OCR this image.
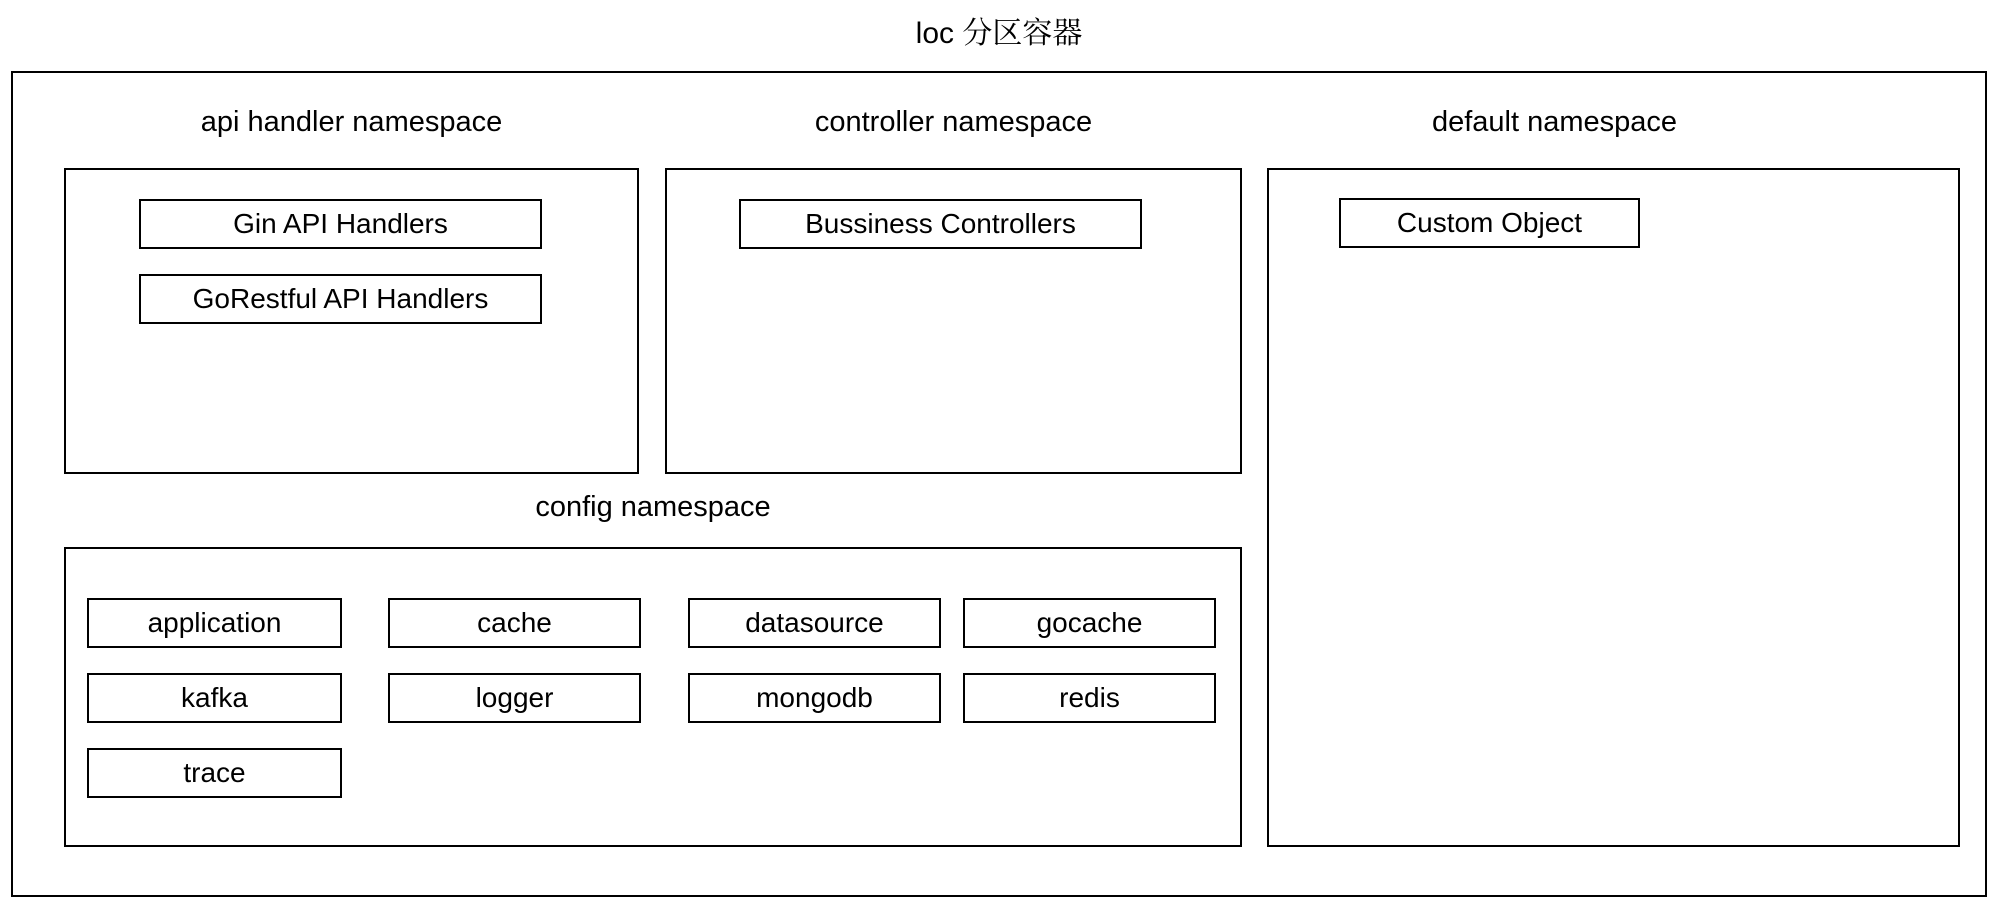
loc 分区容器
api handler namespace	controller namespace	default namespace
config namespace
Gin API Handlers
GoRestful API Handlers
Bussiness Controllers	Custom Object
application	cache	datasource	gocache
kafka	logger	mongodb	redis
trace
